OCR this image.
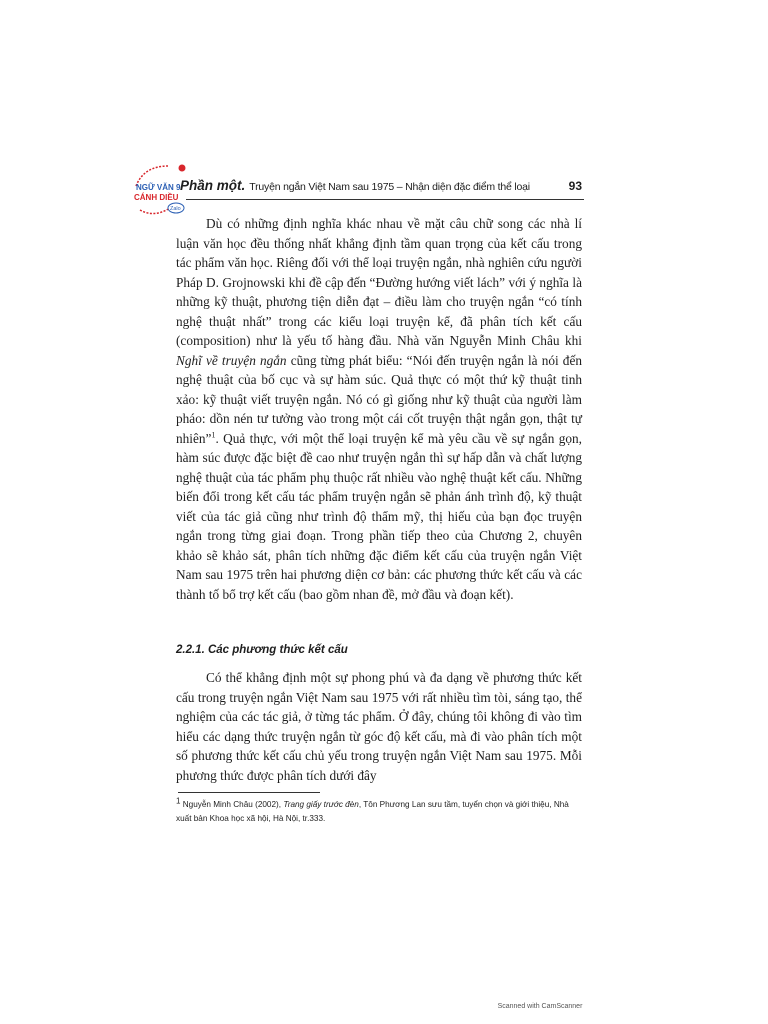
NGỮ VĂN 9
CÁNH DIỀU
Zalo
Phần một. Truyện ngắn Việt Nam sau 1975 – Nhận diện đặc điểm thể loại	93

Dù có những định nghĩa khác nhau về mặt câu chữ song các nhà lí luận văn học đều thống nhất khẳng định tầm quan trọng của kết cấu trong tác phẩm văn học. Riêng đối với thể loại truyện ngắn, nhà nghiên cứu người Pháp D. Grojnowski khi đề cập đến “Đường hướng viết lách” với ý nghĩa là những kỹ thuật, phương tiện diễn đạt – điều làm cho truyện ngắn “có tính nghệ thuật nhất” trong các kiểu loại truyện kể, đã phân tích kết cấu (composition) như là yếu tố hàng đầu. Nhà văn Nguyễn Minh Châu khi Nghĩ về truyện ngắn cũng từng phát biểu: “Nói đến truyện ngắn là nói đến nghệ thuật của bố cục và sự hàm súc. Quả thực có một thứ kỹ thuật tinh xảo: kỹ thuật viết truyện ngắn. Nó có gì giống như kỹ thuật của người làm pháo: dồn nén tư tưởng vào trong một cái cốt truyện thật ngắn gọn, thật tự nhiên”$^1$. Quả thực, với một thể loại truyện kể mà yêu cầu về sự ngắn gọn, hàm súc được đặc biệt đề cao như truyện ngắn thì sự hấp dẫn và chất lượng nghệ thuật của tác phẩm phụ thuộc rất nhiều vào nghệ thuật kết cấu. Những biến đổi trong kết cấu tác phẩm truyện ngắn sẽ phản ánh trình độ, kỹ thuật viết của tác giả cũng như trình độ thẩm mỹ, thị hiếu của bạn đọc truyện ngắn trong từng giai đoạn. Trong phần tiếp theo của Chương 2, chuyên khảo sẽ khảo sát, phân tích những đặc điểm kết cấu của truyện ngắn Việt Nam sau 1975 trên hai phương diện cơ bản: các phương thức kết cấu và các thành tố bổ trợ kết cấu (bao gồm nhan đề, mở đầu và đoạn kết).

2.2.1. Các phương thức kết cấu

Có thể khẳng định một sự phong phú và đa dạng về phương thức kết cấu trong truyện ngắn Việt Nam sau 1975 với rất nhiều tìm tòi, sáng tạo, thể nghiệm của các tác giả, ở từng tác phẩm. Ở đây, chúng tôi không đi vào tìm hiểu các dạng thức truyện ngắn từ góc độ kết cấu, mà đi vào phân tích một số phương thức kết cấu chủ yếu trong truyện ngắn Việt Nam sau 1975. Mỗi phương thức được phân tích dưới đây

1 Nguyễn Minh Châu (2002), Trang giấy trước đèn, Tôn Phương Lan sưu tầm, tuyển chọn và giới thiệu, Nhà xuất bản Khoa học xã hội, Hà Nội, tr.333.
Scanned with CamScanner
